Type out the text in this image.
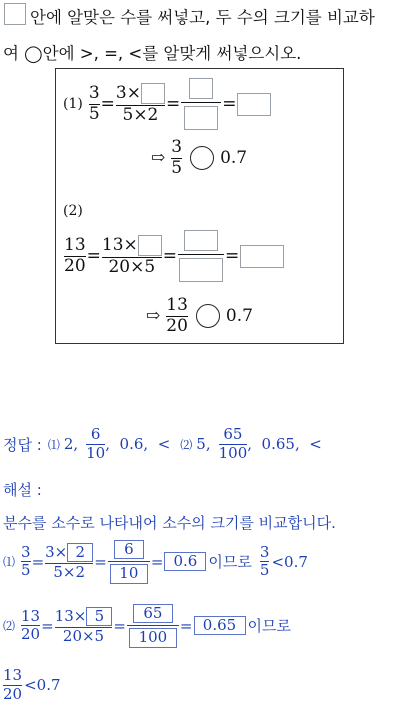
안에 알맞은 수를 써넣고, 두 수의 크기를 비교하
여 ◯안에 >, =, <를 알맞게 써넣으시오.
$(1) \frac{3}{5} = \frac{3\times}{5\times 2}$ = =
⇨ $\frac{3}{5} 0.7$
(2)
$\frac{13}{20} = \frac{13\times}{20\times 5}$ =	=
⇨ $\frac{13}{20} 0.7$
정답 : ⑴ 2, $\frac{6}{10}$ ,  0.6,  < ⑵ 5, $\frac{65}{100}$ ,  0.65,  <
해설 :
분수를 소수로 나타내어 소수의 크기를 비교합니다.
⑴ $\frac{3}{5} = \frac{3\times 2}{5\times 2} = \frac{6}{10} = 0.6$ 이므로 $\frac{3}{5} <0.7$
⑵ $\frac{13}{20} = \frac{13\times 5}{20\times 5} = \frac{65}{100} = 0.65$ 이므로
$\frac{13}{20} <0.7$
